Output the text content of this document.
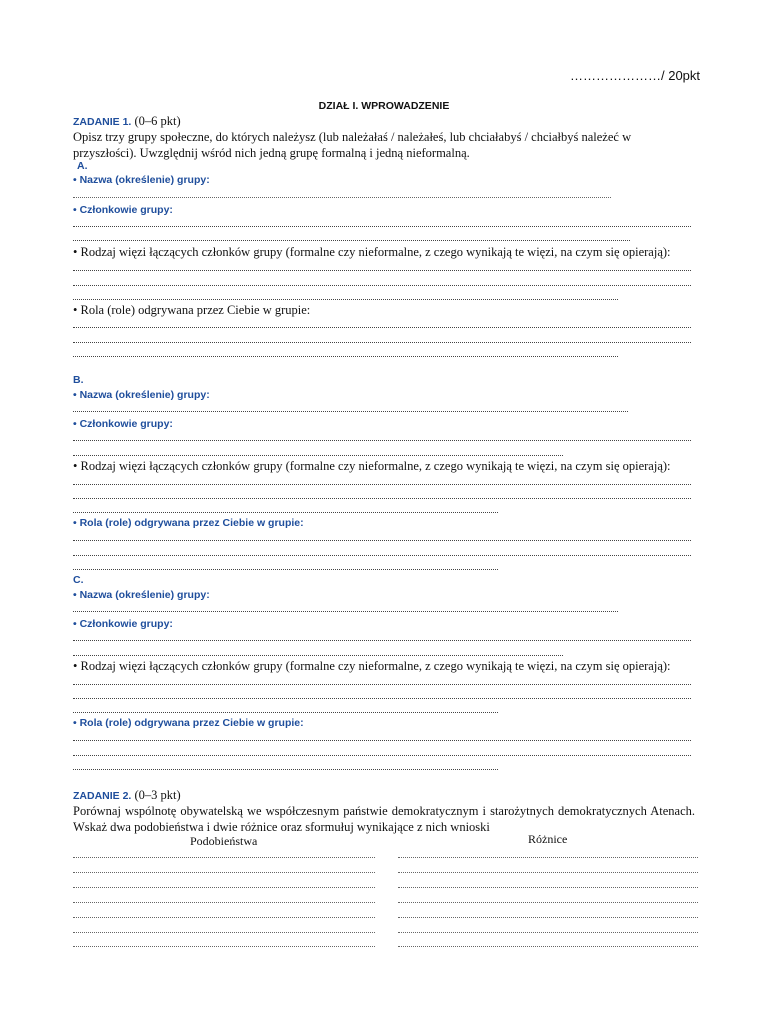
…………………/ 20pkt
DZIAŁ I. WPROWADZENIE
ZADANIE 1. (0–6 pkt)
Opisz trzy grupy społeczne, do których należysz (lub należałaś / należałeś, lub chciałabyś / chciałbyś należeć w przyszłości). Uwzględnij wśród nich jedną grupę formalną i jedną nieformalną.
A.
• Nazwa (określenie) grupy:
• Członkowie grupy:
• Rodzaj więzi łączących członków grupy (formalne czy nieformalne, z czego wynikają te więzi, na czym się opierają):
• Rola (role) odgrywana przez Ciebie w grupie:
B.
• Nazwa (określenie) grupy:
• Członkowie grupy:
• Rodzaj więzi łączących członków grupy (formalne czy nieformalne, z czego wynikają te więzi, na czym się opierają):
• Rola (role) odgrywana przez Ciebie w grupie:
C.
• Nazwa (określenie) grupy:
• Członkowie grupy:
• Rodzaj więzi łączących członków grupy (formalne czy nieformalne, z czego wynikają te więzi, na czym się opierają):
• Rola (role) odgrywana przez Ciebie w grupie:
ZADANIE 2. (0–3 pkt)
Porównaj wspólnotę obywatelską we współczesnym państwie demokratycznym i starożytnych demokratycznych Atenach. Wskaż dwa podobieństwa i dwie różnice oraz sformułuj wynikające z nich wnioski
Podobieństwa	Różnice
